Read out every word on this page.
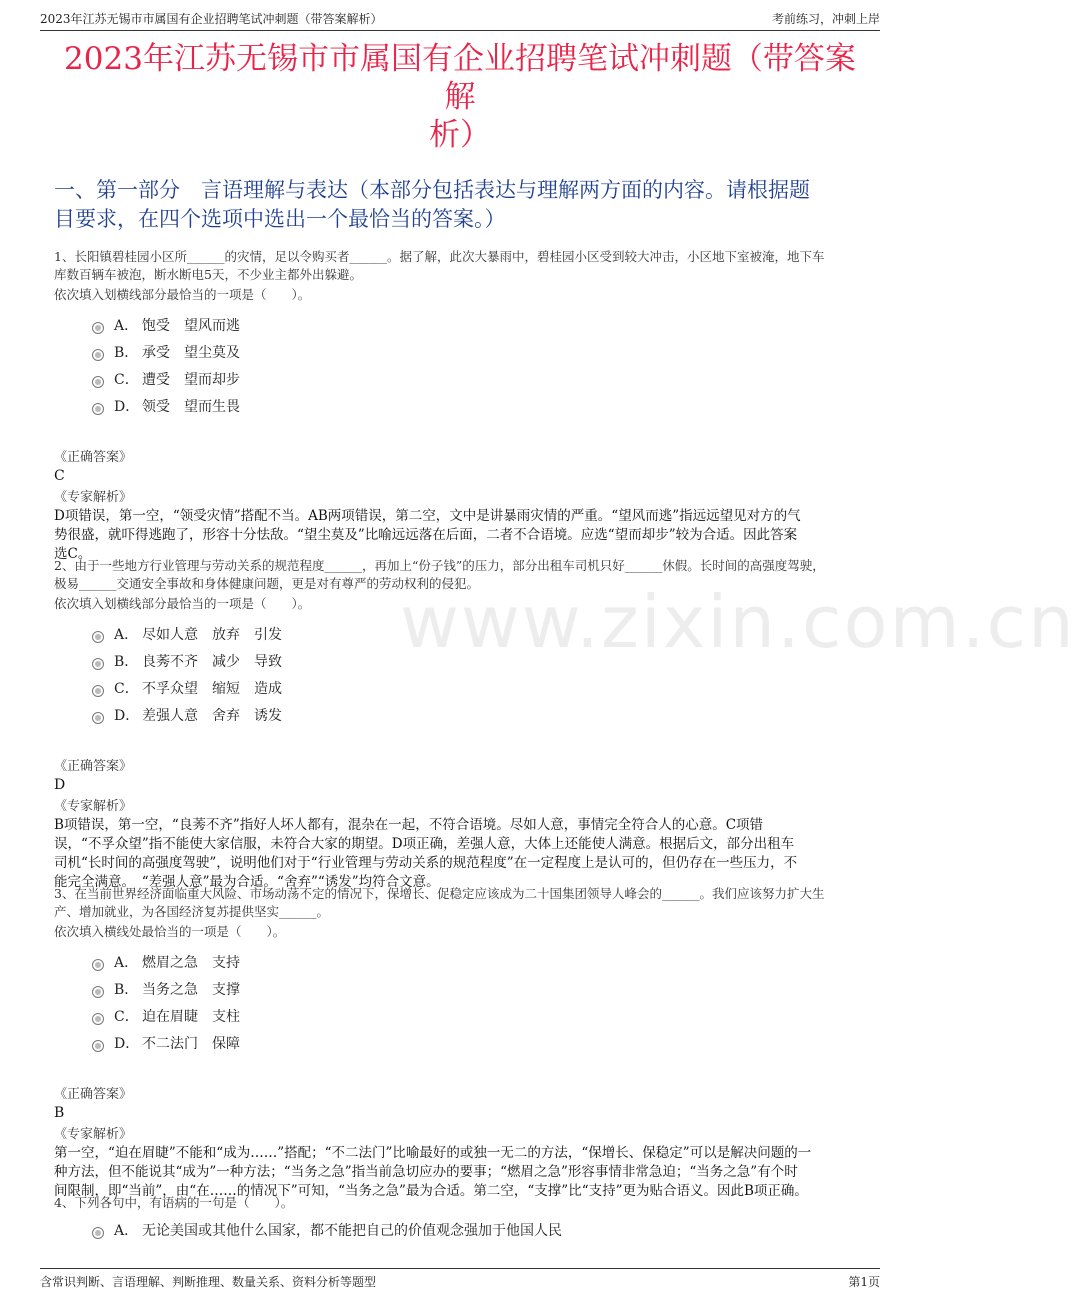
2023年江苏无锡市市属国有企业招聘笔试冲刺题（带答案解析）	考前练习，冲刺上岸
2023年江苏无锡市市属国有企业招聘笔试冲刺题（带答案解
析）
一、第一部分　言语理解与表达（本部分包括表达与理解两方面的内容。请根据题
目要求，在四个选项中选出一个最恰当的答案。）
www.zixin.com.cn
1、长阳镇碧桂园小区所______的灾情，足以令购买者______。据了解，此次大暴雨中，碧桂园小区受到较大冲击，小区地下室被淹，地下车
库数百辆车被泡，断水断电5天，不少业主都外出躲避。
依次填入划横线部分最恰当的一项是（　　）。
A． 饱受　望风而逃
B． 承受　望尘莫及
C． 遭受　望而却步
D． 领受　望而生畏
《正确答案》
C
《专家解析》
D项错误，第一空，“领受灾情”搭配不当。AB两项错误，第二空，文中是讲暴雨灾情的严重。“望风而逃”指远远望见对方的气
势很盛，就吓得逃跑了，形容十分怯敌。“望尘莫及”比喻远远落在后面，二者不合语境。应选“望而却步”较为合适。因此答案
选C。
2、由于一些地方行业管理与劳动关系的规范程度______，再加上“份子钱”的压力，部分出租车司机只好______休假。长时间的高强度驾驶，
极易______交通安全事故和身体健康问题，更是对有尊严的劳动权利的侵犯。
依次填入划横线部分最恰当的一项是（　　）。
A． 尽如人意　放弃　引发
B． 良莠不齐　减少　导致
C． 不孚众望　缩短　造成
D． 差强人意　舍弃　诱发
《正确答案》
D
《专家解析》
B项错误，第一空，“良莠不齐”指好人坏人都有，混杂在一起，不符合语境。尽如人意，事情完全符合人的心意。C项错
误，“不孚众望”指不能使大家信服，未符合大家的期望。D项正确，差强人意，大体上还能使人满意。根据后文，部分出租车
司机“长时间的高强度驾驶”，说明他们对于“行业管理与劳动关系的规范程度”在一定程度上是认可的，但仍存在一些压力，不
能完全满意。　“差强人意”最为合适。“舍弃”“诱发”均符合文意。
3、在当前世界经济面临重大风险、市场动荡不定的情况下，保增长、促稳定应该成为二十国集团领导人峰会的______。我们应该努力扩大生
产、增加就业，为各国经济复苏提供坚实______。
依次填入横线处最恰当的一项是（　　）。
A． 燃眉之急　支持
B． 当务之急　支撑
C． 迫在眉睫　支柱
D． 不二法门　保障
《正确答案》
B
《专家解析》
第一空，“迫在眉睫”不能和“成为……”搭配；“不二法门”比喻最好的或独一无二的方法，“保增长、保稳定”可以是解决问题的一
种方法，但不能说其“成为”一种方法；“当务之急”指当前急切应办的要事；“燃眉之急”形容事情非常急迫；“当务之急”有个时
间限制，即“当前”，由“在……的情况下”可知，“当务之急”最为合适。第二空，“支撑”比“支持”更为贴合语义。因此B项正确。
4、下列各句中，有语病的一句是（　　）。
A． 无论美国或其他什么国家，都不能把自己的价值观念强加于他国人民
含常识判断、言语理解、判断推理、数量关系、资料分析等题型	第1页
